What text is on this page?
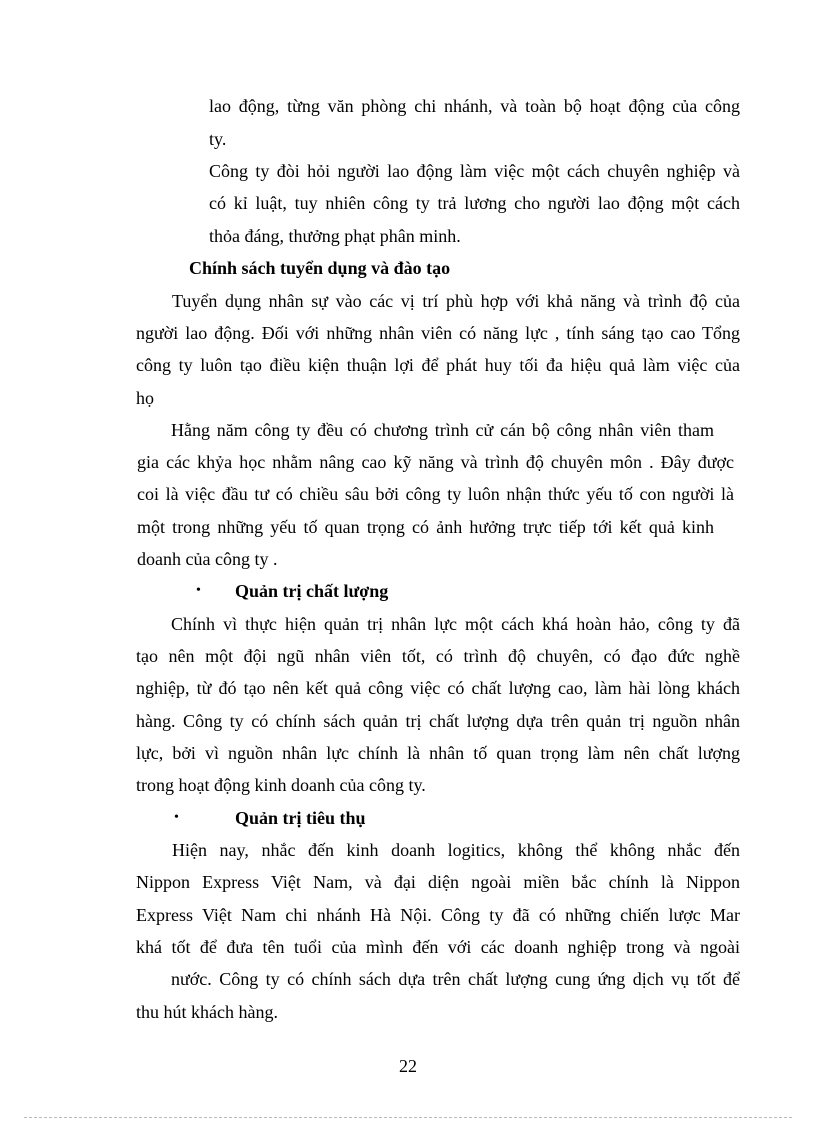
lao động, từng văn phòng chi nhánh, và toàn bộ hoạt động của công
ty.
Công ty đòi hỏi người lao động làm việc một cách chuyên nghiệp và
có kỉ luật, tuy nhiên công ty trả lương cho người lao động một cách
thỏa đáng, thưởng phạt phân minh.
Chính sách tuyển dụng và đào tạo
Tuyển dụng nhân sự vào các vị trí phù hợp với khả năng và trình độ của
người lao động. Đối với những nhân viên có năng lực , tính sáng tạo cao Tổng
công ty luôn tạo điều kiện thuận lợi để phát huy tối đa hiệu quả làm việc của
họ
Hằng năm công ty đều có chương trình cử cán bộ công nhân viên tham
gia các khỷa học nhằm nâng cao kỹ năng và trình độ chuyên môn . Đây được
coi là việc đầu tư có chiều sâu bởi công ty luôn nhận thức yếu tố con người là
một trong những yếu tố quan trọng có ảnh hưởng trực tiếp tới kết quả kinh
doanh của công ty .
• Quản trị chất lượng
Chính vì thực hiện quản trị nhân lực một cách khá hoàn hảo, công ty đã
tạo nên một đội ngũ nhân viên tốt, có trình độ chuyên, có đạo đức nghề
nghiệp, từ đó tạo nên kết quả công việc có chất lượng cao, làm hài lòng khách
hàng. Công ty có chính sách quản trị chất lượng dựa trên quản trị nguồn nhân
lực, bởi vì nguồn nhân lực chính là nhân tố quan trọng làm nên chất lượng
trong hoạt động kinh doanh của công ty.
•	Quản trị tiêu thụ
Hiện nay, nhắc đến kinh doanh logitics, không thể không nhắc đến
Nippon Express Việt Nam, và đại diện ngoài miền bắc chính là Nippon
Express Việt Nam chi nhánh Hà Nội. Công ty đã có những chiến lược Mar
khá tốt để đưa tên tuổi của mình đến với các doanh nghiệp trong và ngoài
nước. Công ty có chính sách dựa trên chất lượng cung ứng dịch vụ tốt để
thu hút khách hàng.
22
